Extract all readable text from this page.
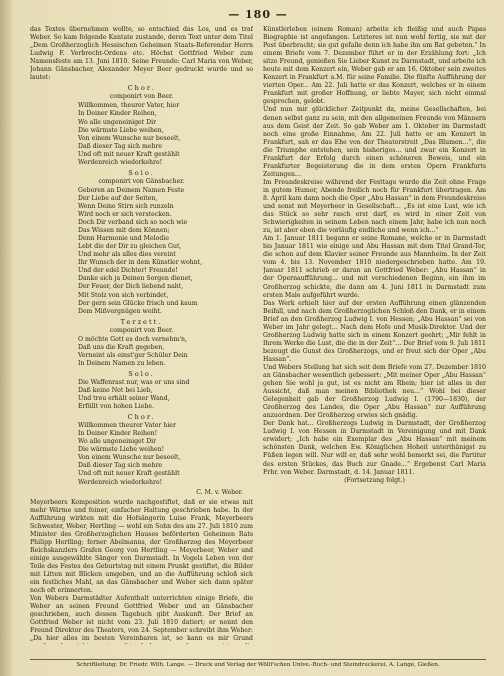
— 180 —

das Textes übernehmen wollte, so entschied das Los, und es traf Weber. So kam folgende Kantate zustande, deren Text unter dem Titel „Dem Großherzoglich Hessischen Geheimen Staats-Referendar Herrn Ludwig F. Verbrecht-Ordens etc. Höchst Gottfried Weber zum Namensfeste am 13. Juni 1810. Seine Freunde: Carl Maria von Weber, Johann Gänsbacher, Alexander Meyer Beer gedruckt wurde und so lautet:

Chor.
componirt von Beer.
Willkommen, theurer Vater, hier
In Deiner Kinder Reihen,
Wo alle ungeneiniget Dir
Die wärmste Liebe weihen,
Von einem Wunsche nur beseelt,
Daß dieser Tag sich mehre
Und oft mit neuer Kraft gestählt
Werdenreich wiederkehre!
Solo.
componirt von Gänsbacher.
Geboren an Deinem Namen Feste
Der Liebe auf der Seiten,
Wenn Deine Stirn sich runzeln
Wird noch er sich verstecken.
Doch Dir verband sich so noch wie
Das Wissen mit dem Können;
Denn Harmonie und Melodie
Lebt die der Dir zu gleichen Gut,
Und mehr als alles dies vereint
Ihr Wunsch der in dem Künstler wohnt,
Und der edel Dichter! Freunde!
Danke sich ja Deinen Sorgen dienet,
Der Feuer, der Dich liebend naht,
Mit Stolz von sich verbindet,
Der gern sein Glücke frisch und kaum
Dem Mißvergnügen weiht.
Terzett.
componirt von Beer.
O möchte Gott es doch vernehm'n,
Daß uns die Kraft gegeben,
Verneint als einst'ger Schüler Dein
In Deinem Namen zu leben.
Solo.
Die Waffenrast nur, was er uns sind
Daß keine Not bei Lieb,
Und treu erhält seiner Wand,
Erfüllt von hohen Liebe.
Chor.
Willkommen theurer Vater hier
In Deiner Kinder Reihen!
Wo alle ungeneiniget Dir
Die wärmste Liebe weihen!
Von einem Wunsche nur beseelt,
Daß dieser Tag sich mehre
Und oft mit neuer Kraft gestählt
Werdenreich wiederkehre!
C. M. v. Weber.

Meyerbeers Komposition wurde nachgestiftet, daß er sie etwas mit mehr Wärme und feiner, einfacher Haltung geschrieben habe. In der Aufführung wirkten mit die Hofsängerin Luise Frank, Meyerbeers Schwester, Weber, Hertling — wohl ein Sohn des am 27. Juli 1810 zum Minister des Großherzoglichen Hauses beförderten Geheimen Rats Philipp Hertling; ferner Abelmanns, der Großherzog des Meyerbeer Reichskanzlers Grafen Georg von Hertling — Meyerbeer, Weber und einige ausgewählte Sänger von Darmstadt. In Vogels Leben von der Teile des Festes des Geburtstag mit einem Prunkt gestiftet, die Bilder mit Litten mit Blicken umgeben, und an die Aufführung schloß sich ein festliches Mahl, an das Gänsbacher und Weber sich dann später noch oft erinnerten.

Von Webers Darmstädter Aufenthalt unterrichten einige Briefe, die Weber an seinen Freund Gottfried Weber und an Gänsbacher geschrieben, auch dessen Tagebuch gibt Auskunft. Der Brief an Gottfried Weber ist nicht vom 23. Juli 1810 datiert; er nennt den Freund Direktor des Theaters, von 24. September schreibt ihm Weber: „Da hier alles im besten Vereinbaren ist, so kann es mir Grund

Künstlerleben (einem Roman) arbeite ich fleißig und auch Papas Biographie ist angefangen. Letzteres ist nun wohl fertig, sie mit der Post überbracht; sie gut gefalle denn ich habe ihn um Rat gebeten.“ In einem Briefe vom 7. Dezember führt er in der Erzählung fort: „Ich sitze Freund, genießen Sie Lieber Kunst zu Darmstadt, und arbeite ich heute mit dem Konzert ein, Weber gab er am 16. Oktober sein zweites Konzert in Frankfurt a.M. für seine Familie. Die fünfte Aufführung der vierten Oper... Am 22. Juli hatte er das Konzert, welches er in einem Frankfurt mit großer Hoffnung, er liebte Mayer, sich nicht einmal gesprochen, gelobt.

Und nun mir glücklicher Zeitpunkt da, meine Gesellschaften, bei denen selbst ganz zu sein, mit den allgemeinen Freunde von Männern aus dem Geist der Zeit. So gab Weber am 1. Oktober im Darmstadt noch eine große Einnahme, Am 22. Juli hatte er am Konzert in Frankfurt, sah er das Ehe von der Theaterstreit „Das Blumen...“, die die Triumphe entstehen, sein bisheriges... und zwar ein Konzert in Frankfurt der Erfolg durch einen schöneren Beweis, und ein Frankfurter Begeisterung die in dem ersten Opern Frankfurts Zeitungen...

Im Freundeskreise während der Festtage wurde die Zeit ohne Frage in gutem Humor, Abende freilich noch für Frankfurt übertragen. Am 8. April kam dann noch die Oper „Abu Hassan“ in dem Freundeskreise und sonst mit Meyerbeer in Gesellschaft... „Es ist eine Lust, wie ich das Stück so sehr rasch erst darf, es wird in einer Zeit von Schwierigkeiten in seinem Leben nach einem Jahr, habe ich nun noch zu, ist aber eben die vorläufig endliche und wenn ich...“

Am 1. Januar 1811 begann er seine Romane, welche er in Darmstadt bis Januar 1811 wie einige und Abu Hassan mit dem Titel Grand-Tor, die schon auf dem Klavier seiner Freunde aus Mannheim. In der Zeit vom 4. bis 13. November 1810 niedergeschrieben hatte. Am 19. Januar 1811 schrieb er daran an Gottfried Weber: „Abu Hassan“ in der Opernaufführung... und mit verschiedenen Beginn, ein ihm im Großherzog schickte, die dann am 4. Juni 1811 in Darmstadt zum ersten Male aufgeführt wurde.

Das Werk erhielt hier auf der ersten Aufführung einen glänzenden Beifall, und nach dem Großherzoglichen Schloß den Dank, er in einem Brief an den Großherzog Ludwig I. von Hessen; „Abu Hassan“ sei von Weber im Jahr gelegt... Nach dem Hofe und Musik-Direktor. Und der Großherzog Ludwig hatte sich in einem Konzert geehrt; „Mir fehlt in Ihrem Werke die Lust, die die in der Zeit“... Der Brief vom 9. Juli 1811 bezeugt die Gunst des Großherzogs, und er freut sich der Oper „Abu Hassan“.

Und Webers Stellung hat sich seit dem Briefe vom 27. Dezember 1810 an Gänsbacher wesentlich gebessert: „Mit meiner Oper „Abu Hassan“ gehen Sie wohl ja gut, ist es nicht am Rhein; hier ist alles in der Aussicht, daß man meinen Bibliothek neu...“ Wohl bei dieser Gelegenheit gab der Großherzog Ludwig I. (1790—1830), der Großherzog des Landes, die Oper „Abu Hassan“ zur Aufführung anzuordnen. Der Großherzog erwies sich gnädig.

Der Dank hat... Großherzogs Ludwig in Darmstadt, der Großherzog Ludwig I. von Hessen in Darmstadt in Vereinigung und mit Dank erwidert; „Ich habe ein Exemplar des „Abu Hassan“ mit meinem schönsten Dank, welchen Ew. Königlichen Hoheit unterthänigst zu Füßen legen will. Nur will er, daß sehr wohl bemerkt sei, die Partitur des ersten Stückes, das Buch zur Gnade...“ Ergebenst Carl Maria Frhr. von Weber. Darmstadt, d. 14. Januar 1811.

(Fortsetzung folgt.)
Schriftleitung: Dr. Friedr. Wilh. Lange. — Druck und Verlag der Wöllf'schen Unive.-Buch- und Steindruckerei, A. Lange, Gießen.
